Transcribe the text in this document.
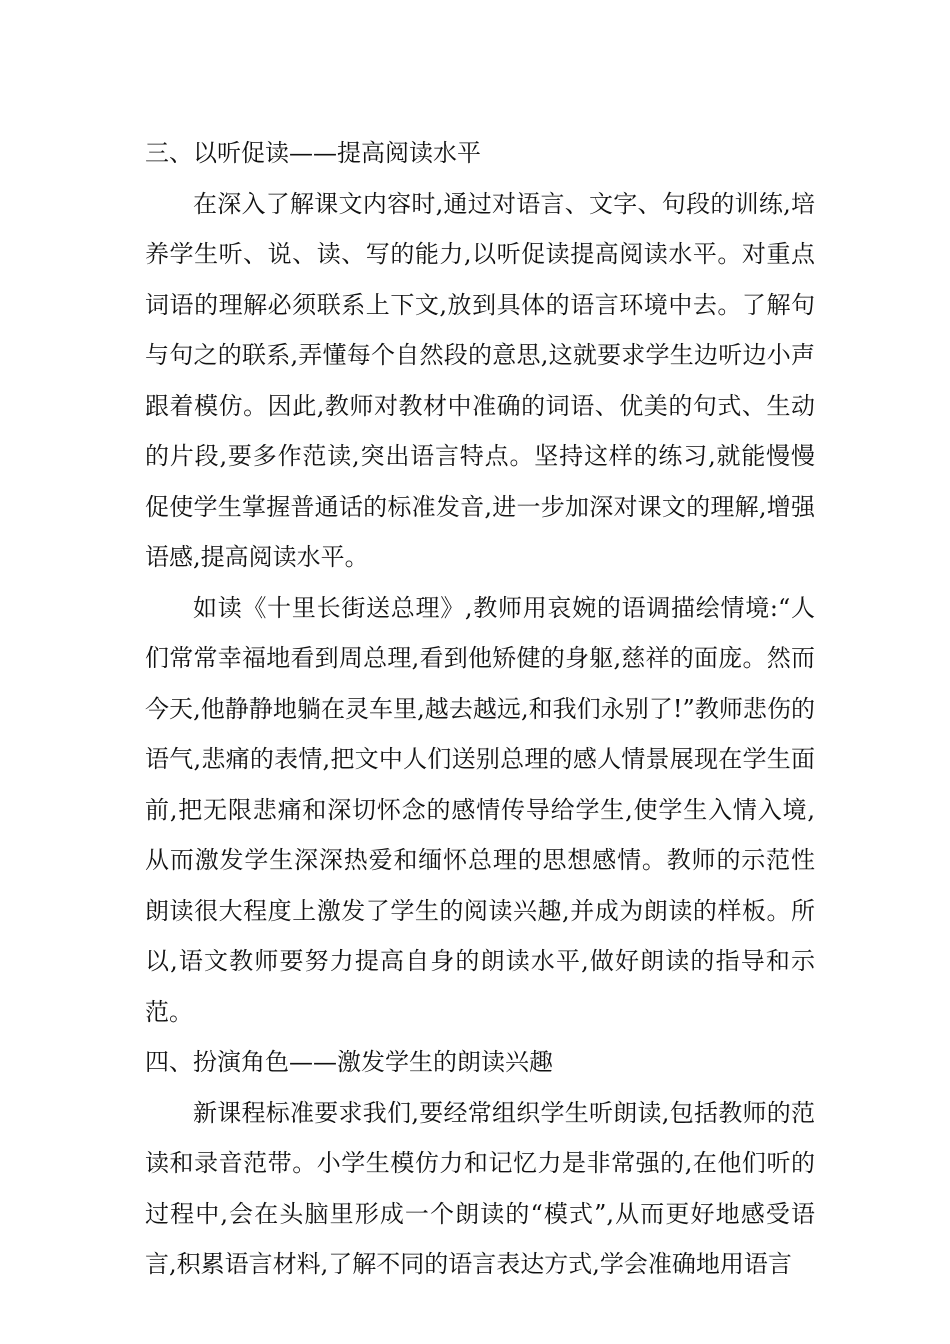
三、以听促读——提高阅读水平

在深入了解课文内容时,通过对语言、文字、句段的训练,培养学生听、说、读、写的能力,以听促读提高阅读水平。对重点词语的理解必须联系上下文,放到具体的语言环境中去。了解句与句之的联系,弄懂每个自然段的意思,这就要求学生边听边小声跟着模仿。因此,教师对教材中准确的词语、优美的句式、生动的片段,要多作范读,突出语言特点。坚持这样的练习,就能慢慢促使学生掌握普通话的标准发音,进一步加深对课文的理解,增强语感,提高阅读水平。

如读《十里长街送总理》,教师用哀婉的语调描绘情境:“人们常常幸福地看到周总理,看到他矫健的身躯,慈祥的面庞。然而今天,他静静地躺在灵车里,越去越远,和我们永别了!”教师悲伤的语气,悲痛的表情,把文中人们送别总理的感人情景展现在学生面前,把无限悲痛和深切怀念的感情传导给学生,使学生入情入境,从而激发学生深深热爱和缅怀总理的思想感情。教师的示范性朗读很大程度上激发了学生的阅读兴趣,并成为朗读的样板。所以,语文教师要努力提高自身的朗读水平,做好朗读的指导和示范。

四、扮演角色——激发学生的朗读兴趣

新课程标准要求我们,要经常组织学生听朗读,包括教师的范读和录音范带。小学生模仿力和记忆力是非常强的,在他们听的过程中,会在头脑里形成一个朗读的“模式”,从而更好地感受语言,积累语言材料,了解不同的语言表达方式,学会准确地用语言
